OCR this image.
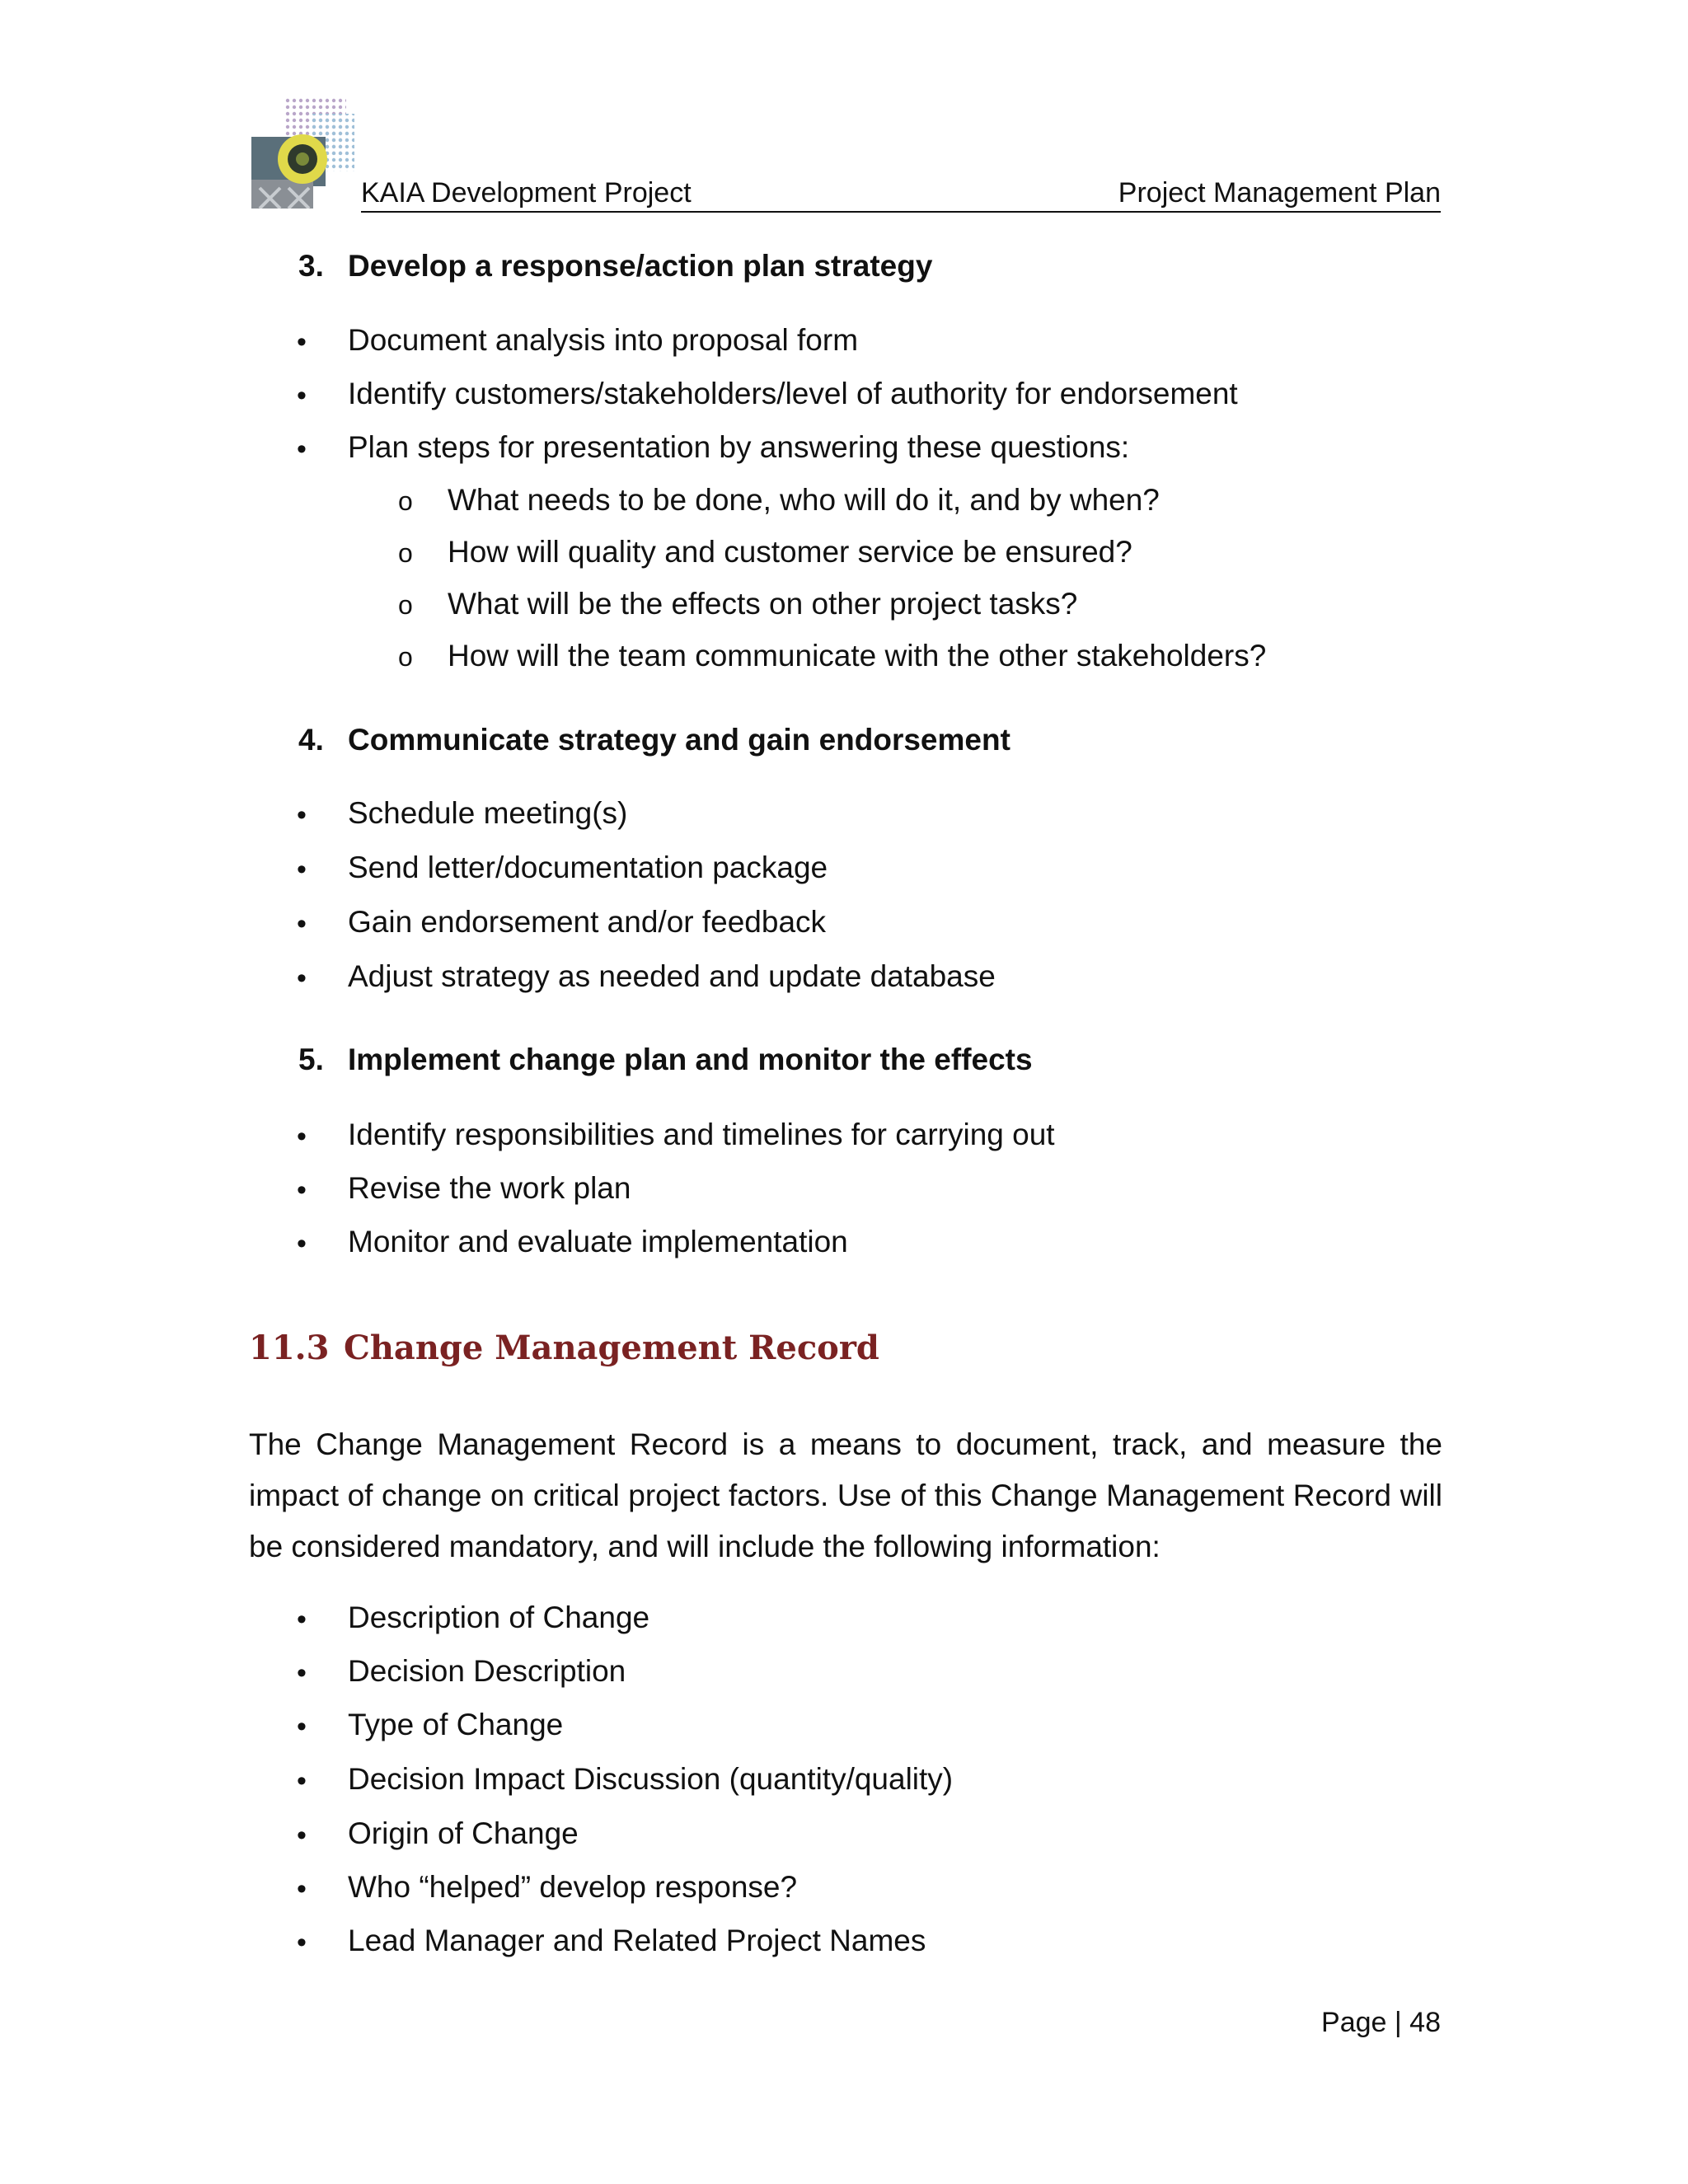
KAIA Development Project	Project Management Plan
3. Develop a response/action plan strategy
• Document analysis into proposal form
• Identify customers/stakeholders/level of authority for endorsement
• Plan steps for presentation by answering these questions:
o What needs to be done, who will do it, and by when?
o How will quality and customer service be ensured?
o What will be the effects on other project tasks?
o How will the team communicate with the other stakeholders?
4. Communicate strategy and gain endorsement
• Schedule meeting(s)
• Send letter/documentation package
• Gain endorsement and/or feedback
• Adjust strategy as needed and update database
5. Implement change plan and monitor the effects
• Identify responsibilities and timelines for carrying out
• Revise the work plan
• Monitor and evaluate implementation
11.3 Change Management Record
The Change Management Record is a means to document, track, and measure the impact of change on critical project factors. Use of this Change Management Record will be considered mandatory, and will include the following information:
• Description of Change
• Decision Description
• Type of Change
• Decision Impact Discussion (quantity/quality)
• Origin of Change
• Who “helped” develop response?
• Lead Manager and Related Project Names
Page | 48
